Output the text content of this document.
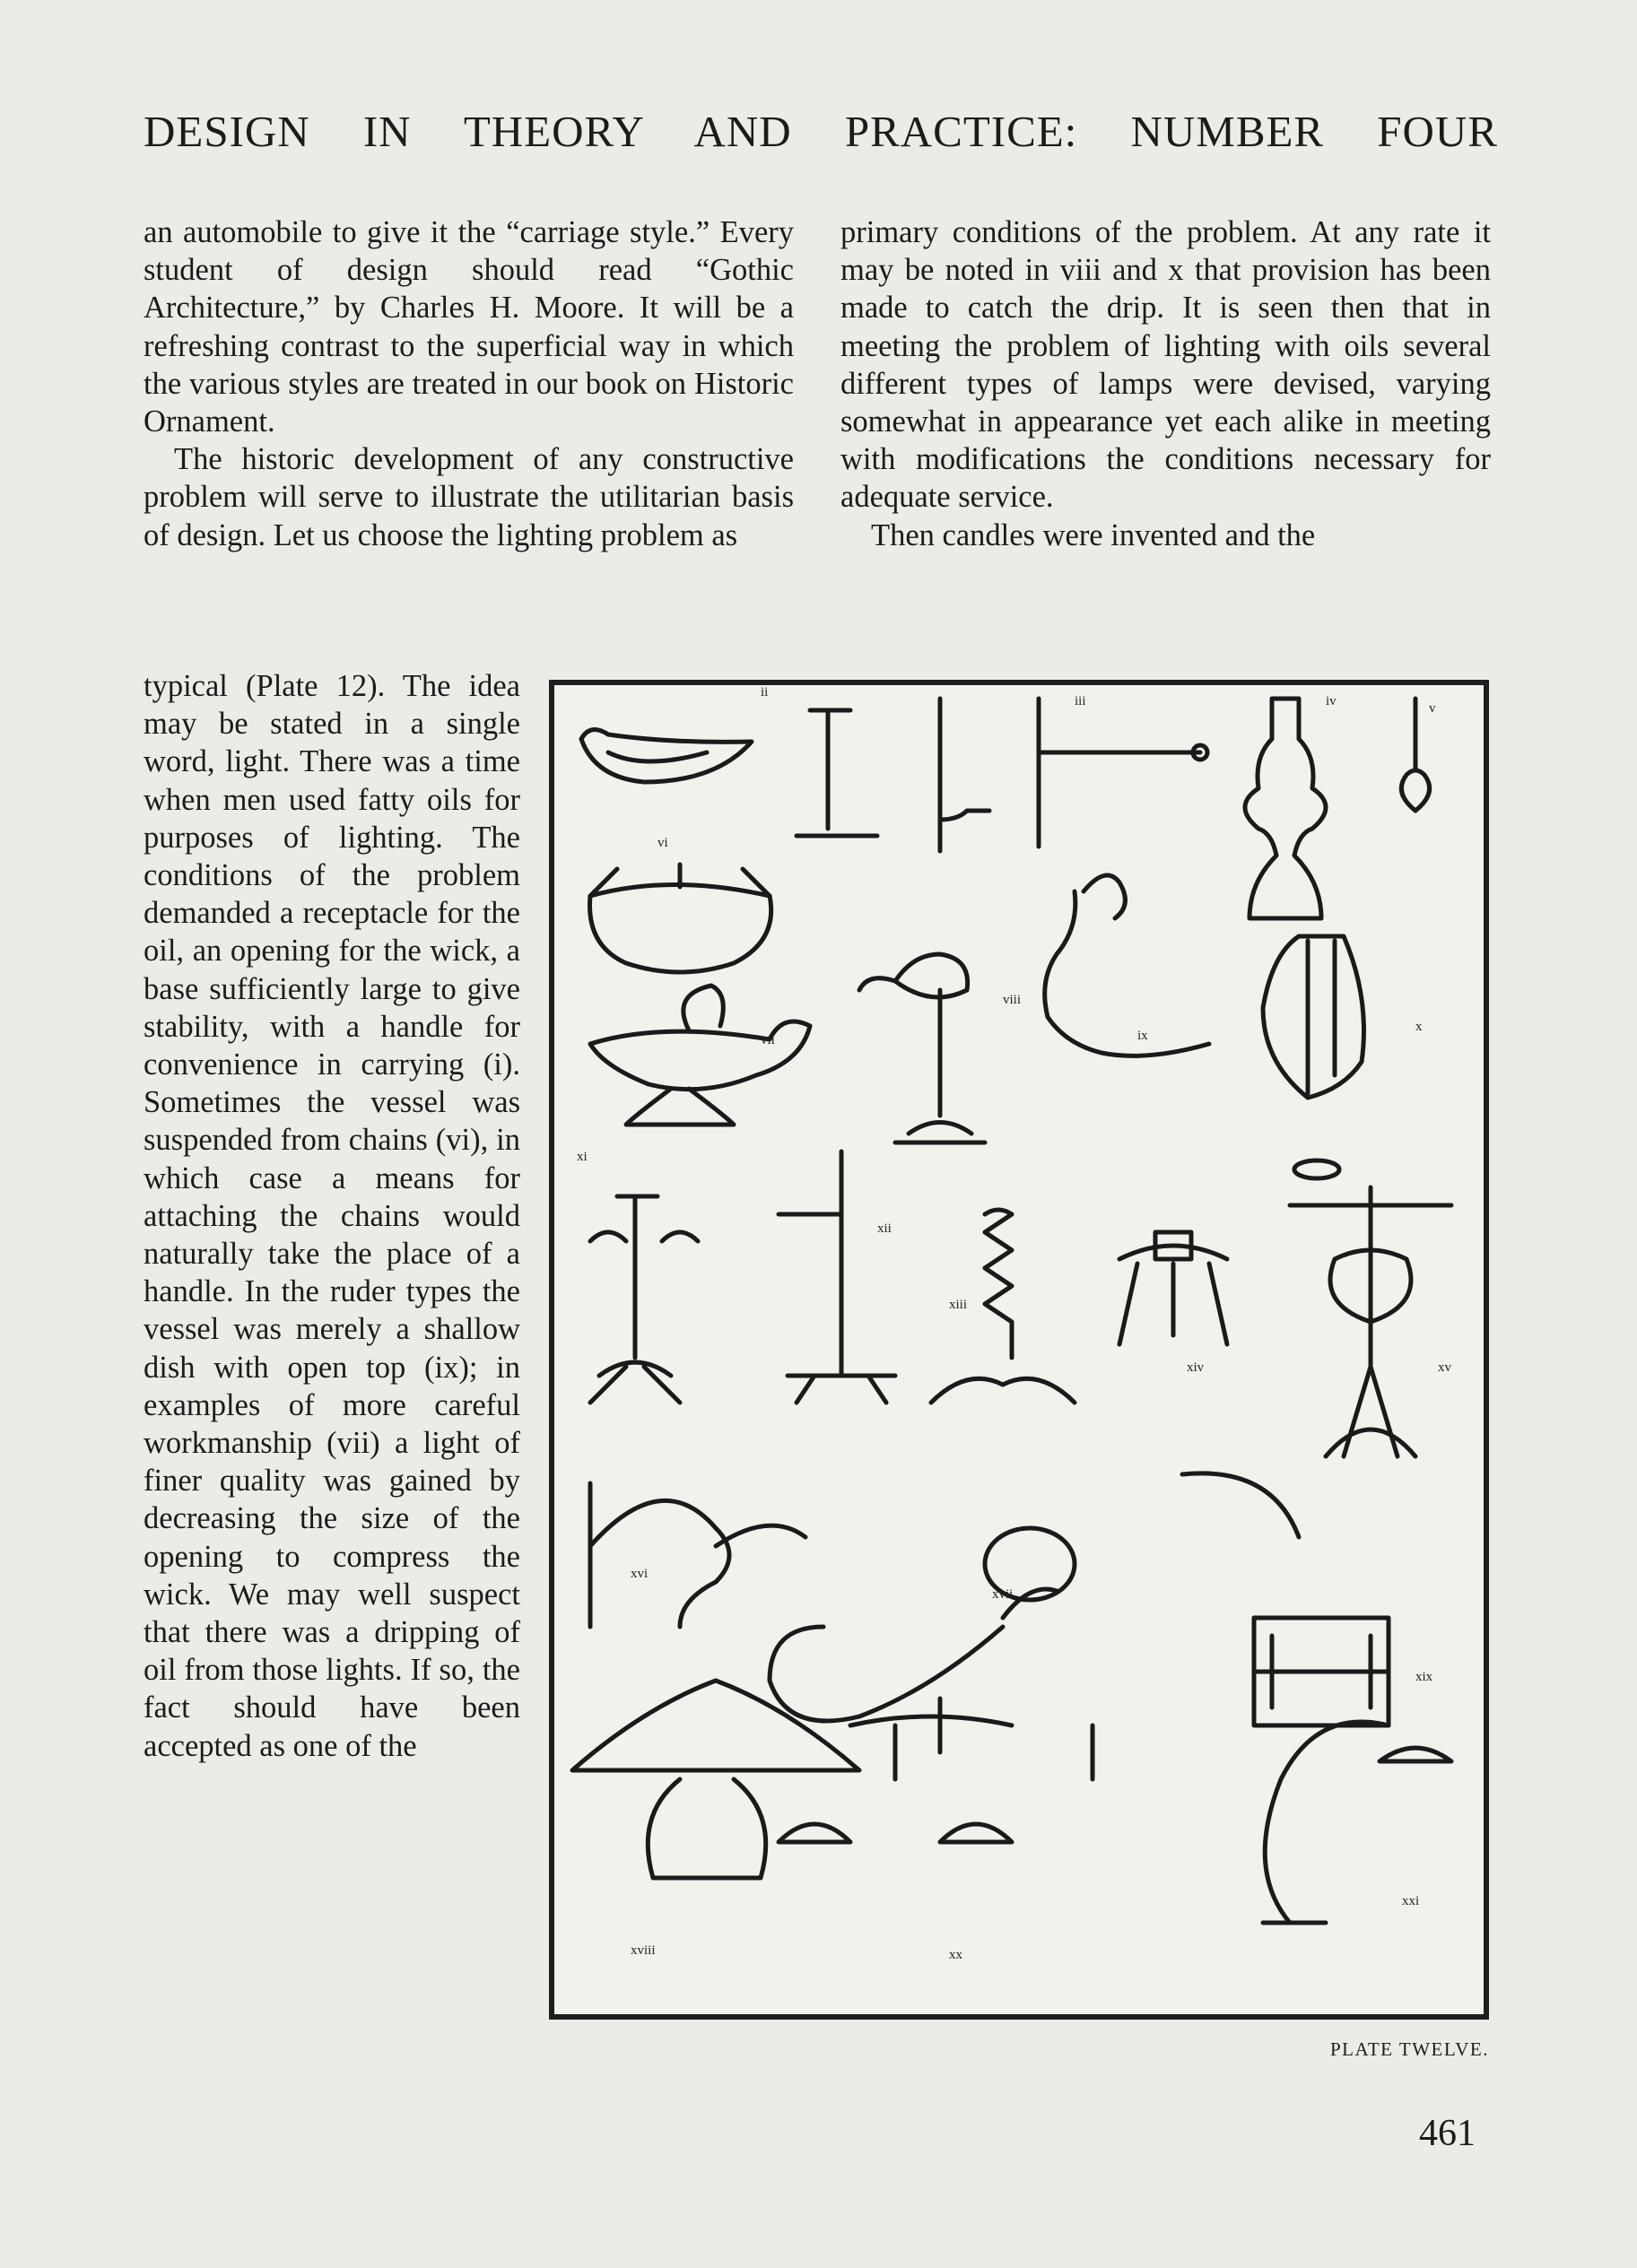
DESIGN IN THEORY AND PRACTICE: NUMBER FOUR

an automobile to give it the “carriage style.” Every student of design should read “Gothic Architecture,” by Charles H. Moore. It will be a refreshing contrast to the superficial way in which the various styles are treated in our book on Historic Ornament.

The historic development of any constructive problem will serve to illustrate the utilitarian basis of design. Let us choose the lighting problem as

typical (Plate 12). The idea may be stated in a single word, light. There was a time when men used fatty oils for purposes of lighting. The conditions of the problem demanded a receptacle for the oil, an opening for the wick, a base sufficiently large to give stability, with a handle for convenience in carrying (i). Sometimes the vessel was suspended from chains (vi), in which case a means for attaching the chains would naturally take the place of a handle. In the ruder types the vessel was merely a shallow dish with open top (ix); in examples of more careful workmanship (vii) a light of finer quality was gained by decreasing the size of the opening to compress the wick. We may well suspect that there was a dripping of oil from those lights. If so, the fact should have been accepted as one of the

primary conditions of the problem. At any rate it may be noted in viii and x that provision has been made to catch the drip. It is seen then that in meeting the problem of lighting with oils several different types of lamps were devised, varying somewhat in appearance yet each alike in meeting with modifications the conditions necessary for adequate service.

Then candles were invented and the

ii
iii	iv	v
vi
vii
viii
ix
x
xi
xii
xiii
xiv	xv
xvi
xvii
xix
xviii	xx
xxi
PLATE TWELVE.
461
